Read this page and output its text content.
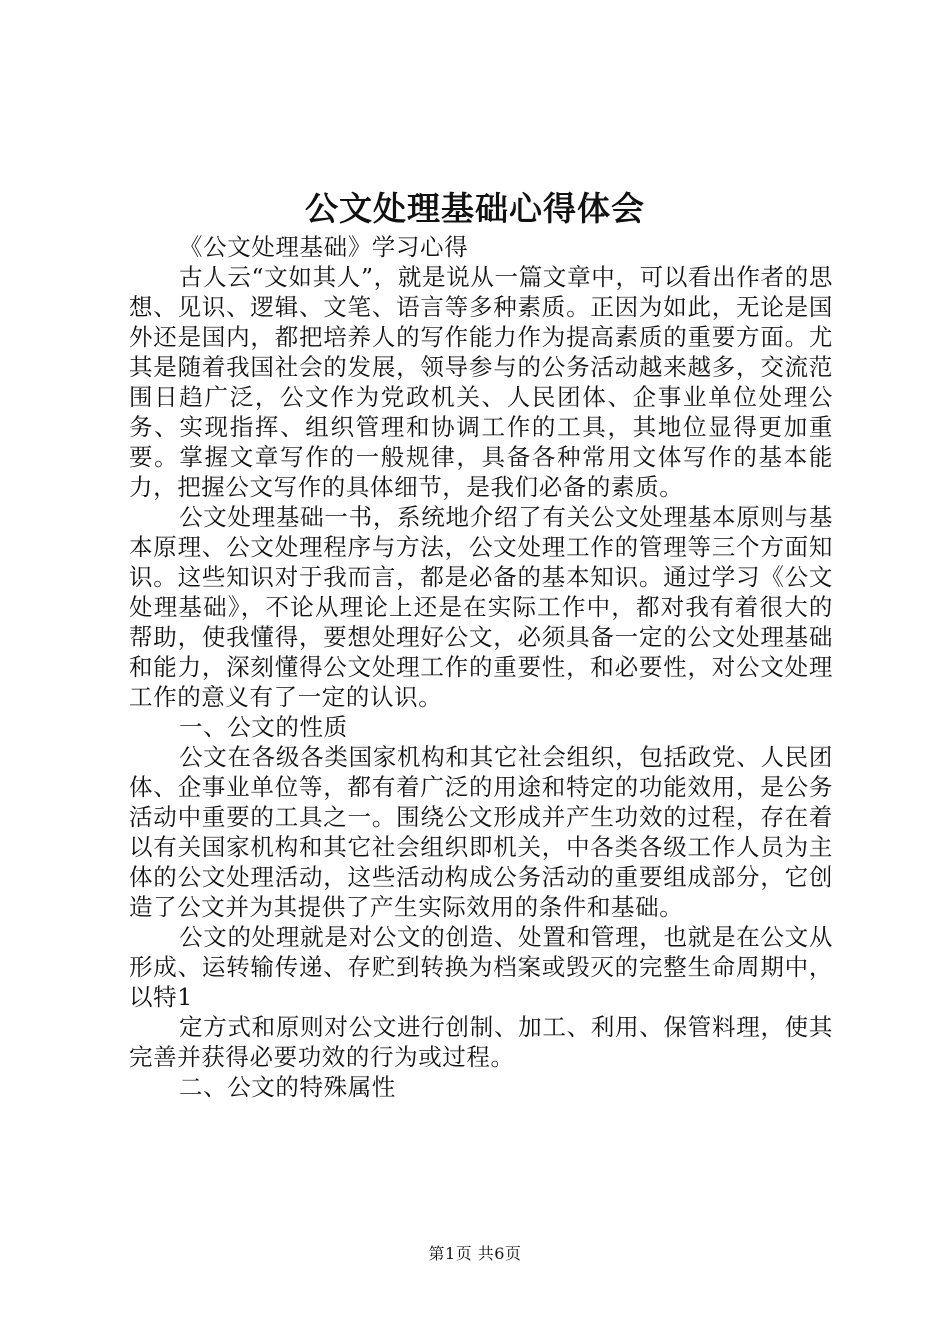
公文处理基础心得体会

《公文处理基础》学习心得

古人云“文如其人”，就是说从一篇文章中，可以看出作者的思想、见识、逻辑、文笔、语言等多种素质。正因为如此，无论是国外还是国内，都把培养人的写作能力作为提高素质的重要方面。尤其是随着我国社会的发展，领导参与的公务活动越来越多，交流范围日趋广泛，公文作为党政机关、人民团体、企事业单位处理公务、实现指挥、组织管理和协调工作的工具，其地位显得更加重要。掌握文章写作的一般规律，具备各种常用文体写作的基本能力，把握公文写作的具体细节，是我们必备的素质。

公文处理基础一书，系统地介绍了有关公文处理基本原则与基本原理、公文处理程序与方法，公文处理工作的管理等三个方面知识。这些知识对于我而言，都是必备的基本知识。通过学习《公文处理基础》，不论从理论上还是在实际工作中，都对我有着很大的帮助，使我懂得，要想处理好公文，必须具备一定的公文处理基础和能力，深刻懂得公文处理工作的重要性，和必要性，对公文处理工作的意义有了一定的认识。

一、公文的性质

公文在各级各类国家机构和其它社会组织，包括政党、人民团体、企事业单位等，都有着广泛的用途和特定的功能效用，是公务活动中重要的工具之一。围绕公文形成并产生功效的过程，存在着以有关国家机构和其它社会组织即机关，中各类各级工作人员为主体的公文处理活动，这些活动构成公务活动的重要组成部分，它创造了公文并为其提供了产生实际效用的条件和基础。

公文的处理就是对公文的创造、处置和管理，也就是在公文从形成、运转输传递、存贮到转换为档案或毁灭的完整生命周期中，以特1

定方式和原则对公文进行创制、加工、利用、保管料理，使其完善并获得必要功效的行为或过程。

二、公文的特殊属性

第1页 共6页
